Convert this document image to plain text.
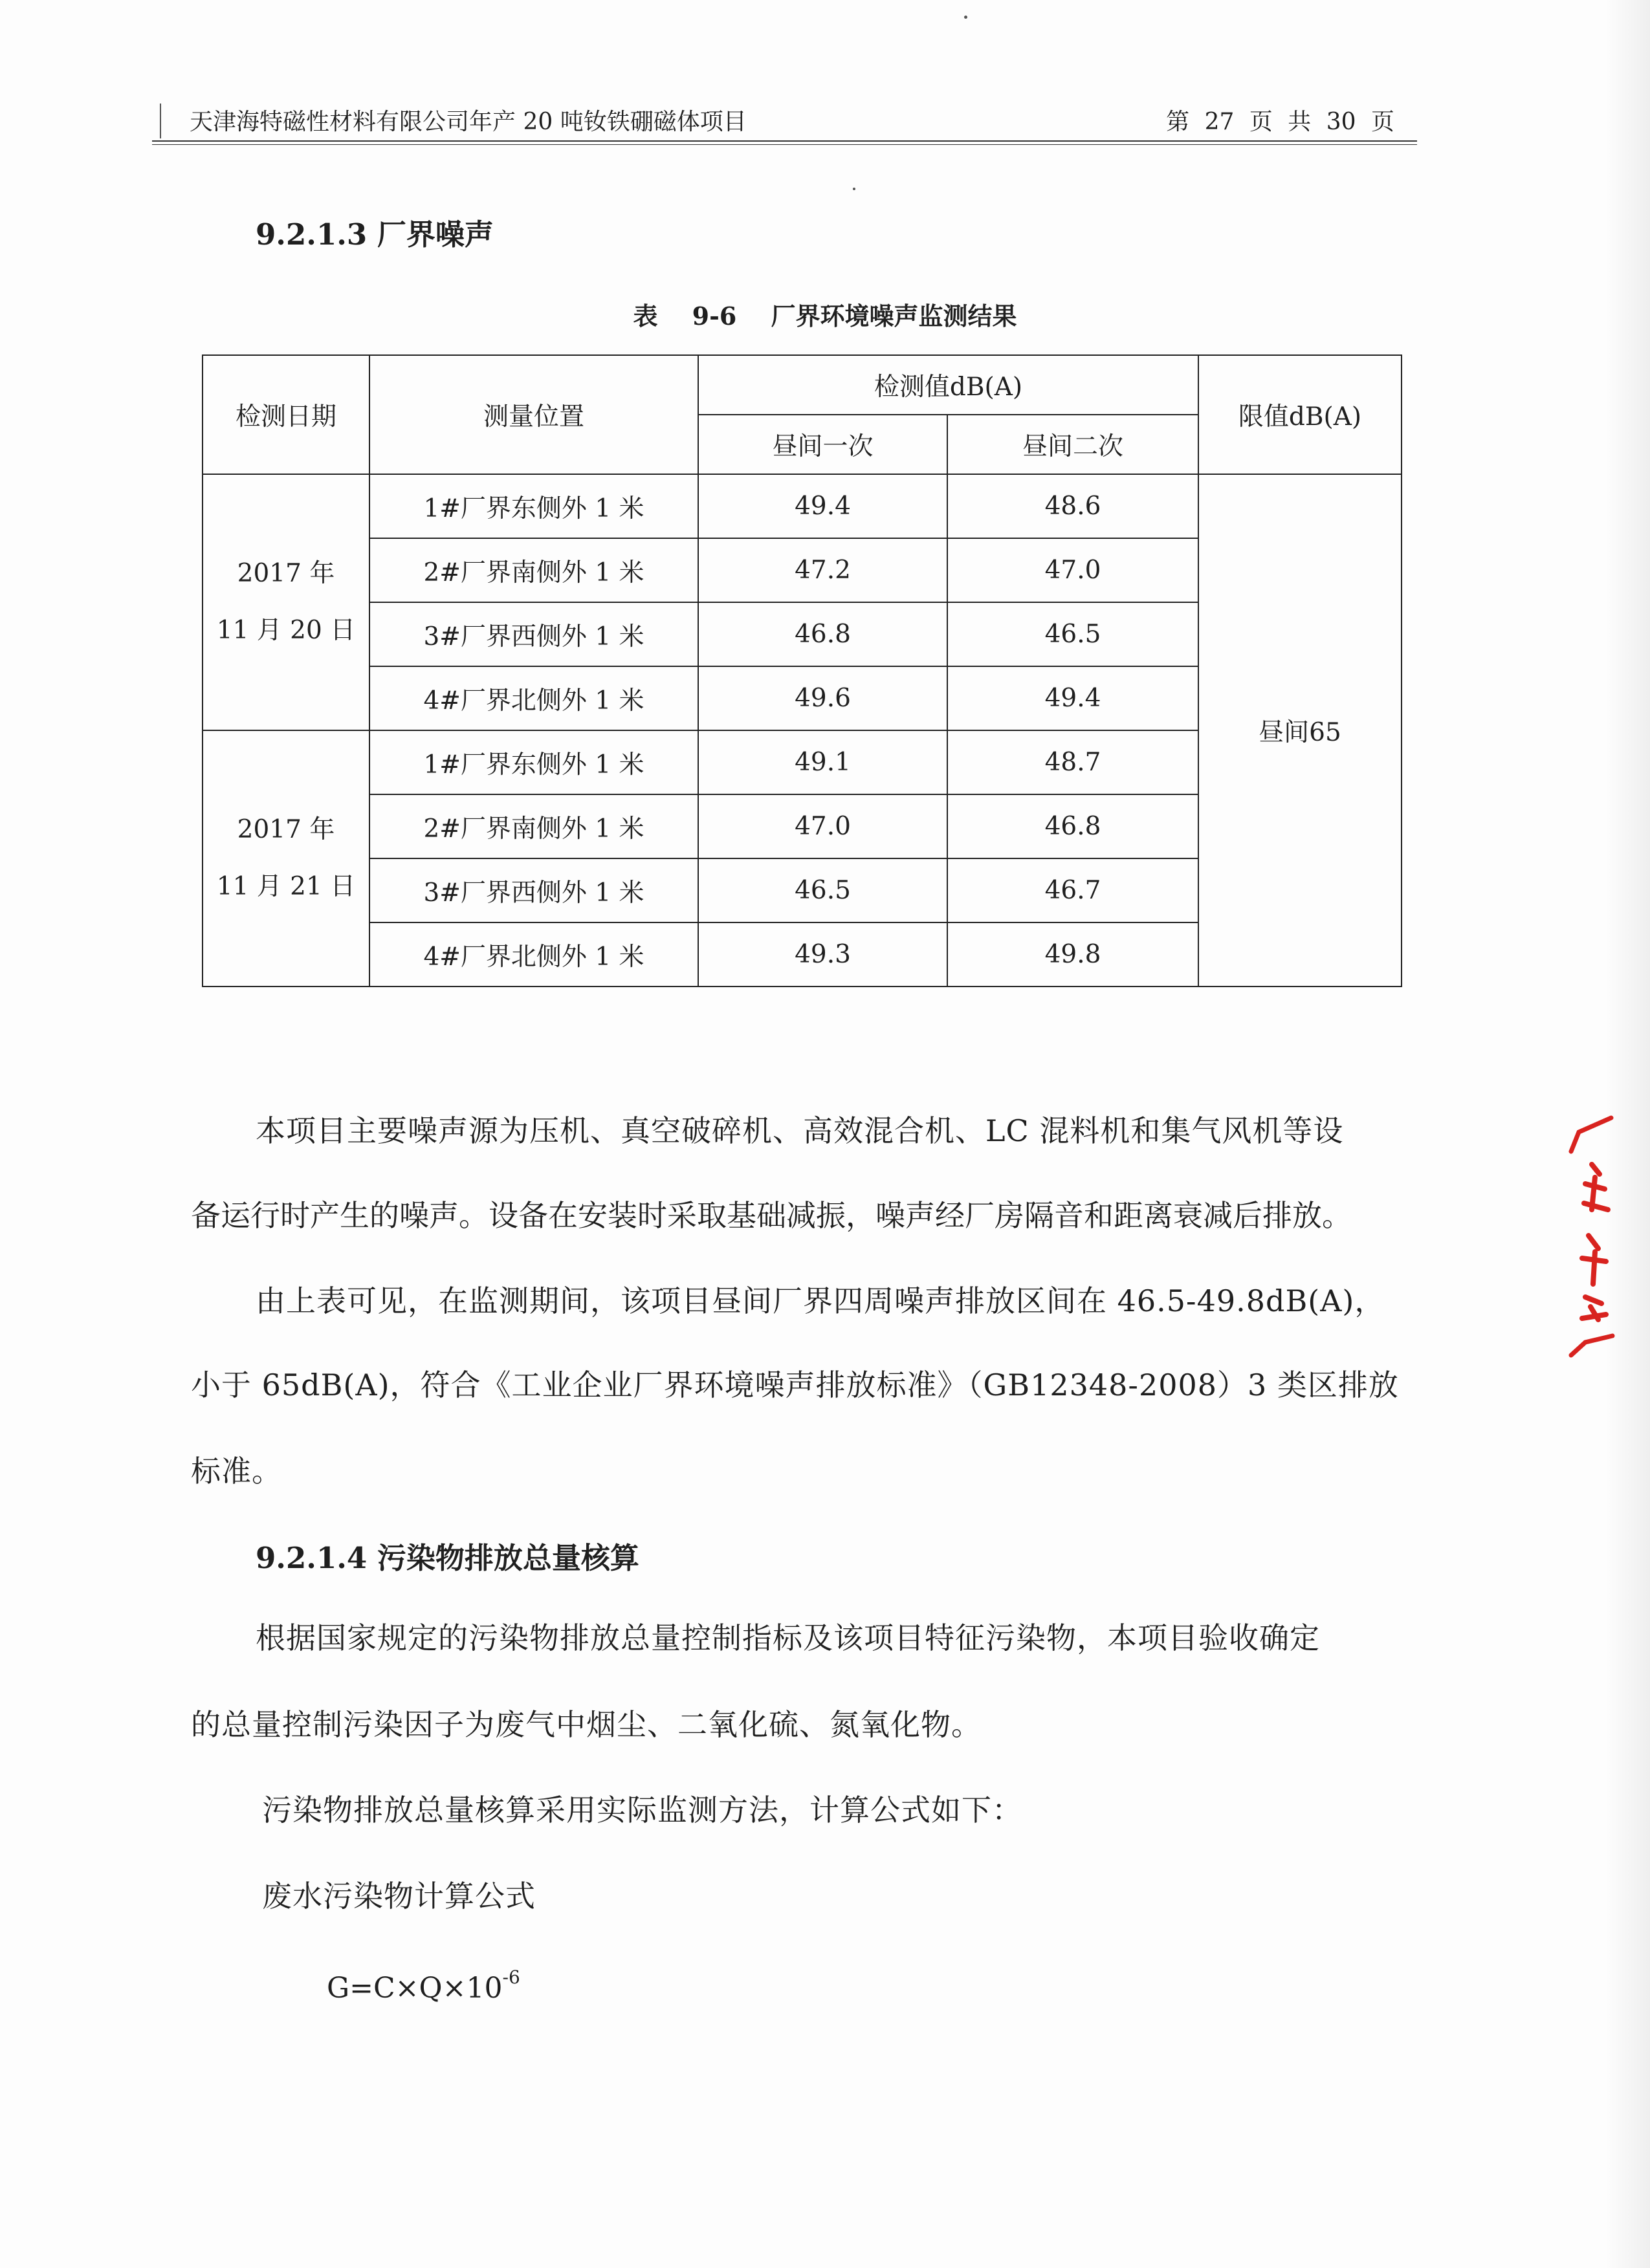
天津海特磁性材料有限公司年产 20 吨钕铁硼磁体项目	第 27 页 共 30 页
9.2.1.3 厂界噪声
表 9-6 厂界环境噪声监测结果
检测日期	测量位置	检测值dB(A)		限值dB(A)
		昼间一次	昼间二次	

2017 年
11 月 20 日	1#厂界东侧外 1 米	49.4	48.6	昼间65
	2#厂界南侧外 1 米	47.2	47.0	
	3#厂界西侧外 1 米	46.8	46.5	
	4#厂界北侧外 1 米	49.6	49.4	

2017 年
11 月 21 日	1#厂界东侧外 1 米	49.1	48.7	
	2#厂界南侧外 1 米	47.0	46.8	
	3#厂界西侧外 1 米	46.5	46.7	
	4#厂界北侧外 1 米	49.3	49.8	
本项目主要噪声源为压机、真空破碎机、高效混合机、LC 混料机和集气风机等设
备运行时产生的噪声。设备在安装时采取基础减振，噪声经厂房隔音和距离衰减后排放。
由上表可见，在监测期间，该项目昼间厂界四周噪声排放区间在 46.5-49.8dB(A)，
小于 65dB(A)，符合《工业企业厂界环境噪声排放标准》（GB12348-2008）3 类区排放
标准。
9.2.1.4 污染物排放总量核算
根据国家规定的污染物排放总量控制指标及该项目特征污染物，本项目验收确定
的总量控制污染因子为废气中烟尘、二氧化硫、氮氧化物。
污染物排放总量核算采用实际监测方法，计算公式如下：
废水污染物计算公式
$G=C\times Q\times 10^{-6}$
